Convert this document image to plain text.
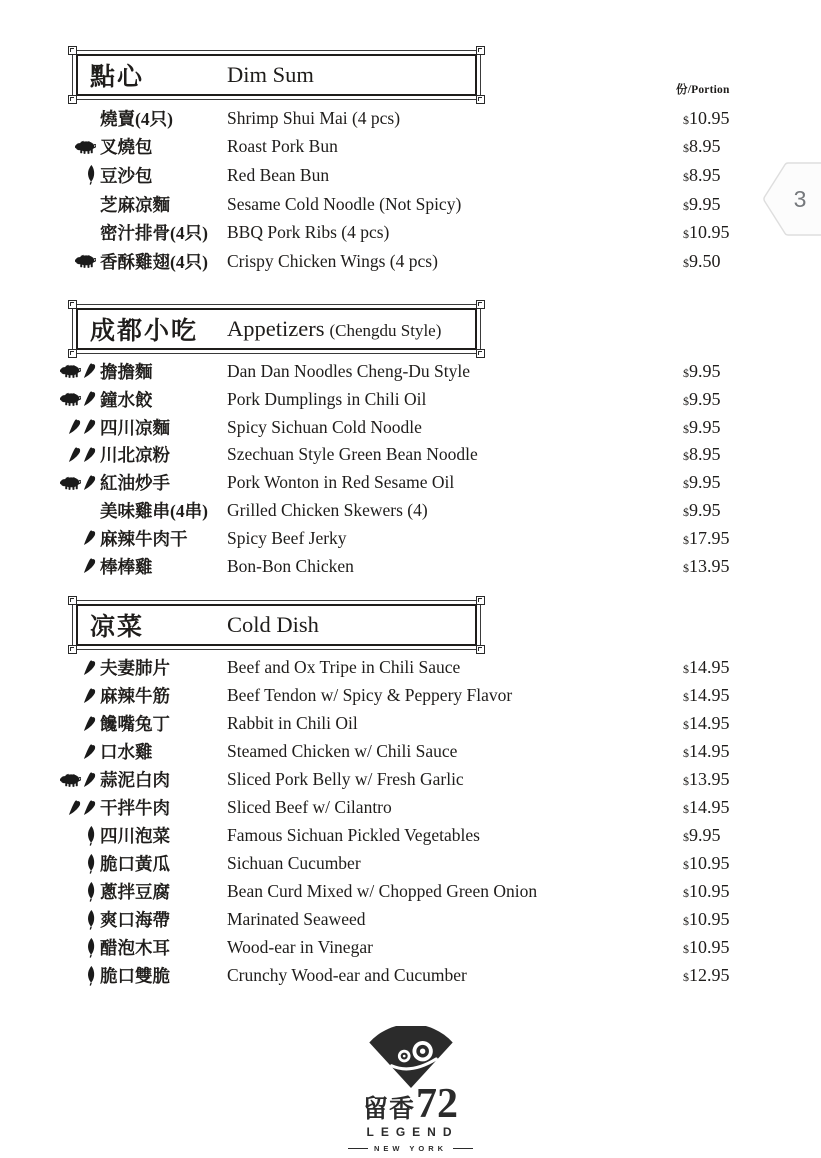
份/Portion
3
點心	Dim Sum
燒賣(4只)	Shrimp Shui Mai (4 pcs)	$10.95
叉燒包	Roast Pork Bun	$8.95
豆沙包	Red Bean Bun	$8.95
芝麻凉麵	Sesame Cold Noodle (Not Spicy)	$9.95
密汁排骨(4只)	BBQ Pork Ribs (4 pcs)	$10.95
香酥雞翅(4只)	Crispy Chicken Wings (4 pcs)	$9.50
成都小吃 Appetizers (Chengdu Style)
擔擔麵	Dan Dan Noodles Cheng-Du Style	$9.95
鐘水餃	Pork Dumplings in Chili Oil	$9.95
四川凉麵	Spicy Sichuan Cold Noodle	$9.95
川北凉粉	Szechuan Style Green Bean Noodle	$8.95
紅油炒手	Pork Wonton in Red Sesame Oil	$9.95
美味雞串(4串)	Grilled Chicken Skewers (4)	$9.95
麻辣牛肉干	Spicy Beef Jerky	$17.95
棒棒雞	Bon-Bon Chicken	$13.95
凉菜	Cold Dish
夫妻肺片	Beef and Ox Tripe in Chili Sauce	$14.95
麻辣牛筋	Beef Tendon w/ Spicy & Peppery Flavor	$14.95
饞嘴兔丁	Rabbit in Chili Oil	$14.95
口水雞	Steamed Chicken w/ Chili Sauce	$14.95
蒜泥白肉	Sliced Pork Belly w/ Fresh Garlic	$13.95
干拌牛肉	Sliced Beef w/ Cilantro	$14.95
四川泡菜	Famous Sichuan Pickled Vegetables	$9.95
脆口黃瓜	Sichuan Cucumber	$10.95
蔥拌豆腐	Bean Curd Mixed w/ Chopped Green Onion	$10.95
爽口海帶	Marinated Seaweed	$10.95
醋泡木耳	Wood-ear in Vinegar	$10.95
脆口雙脆	Crunchy Wood-ear and Cucumber	$12.95
留香 72
LEGEND
NEW YORK
